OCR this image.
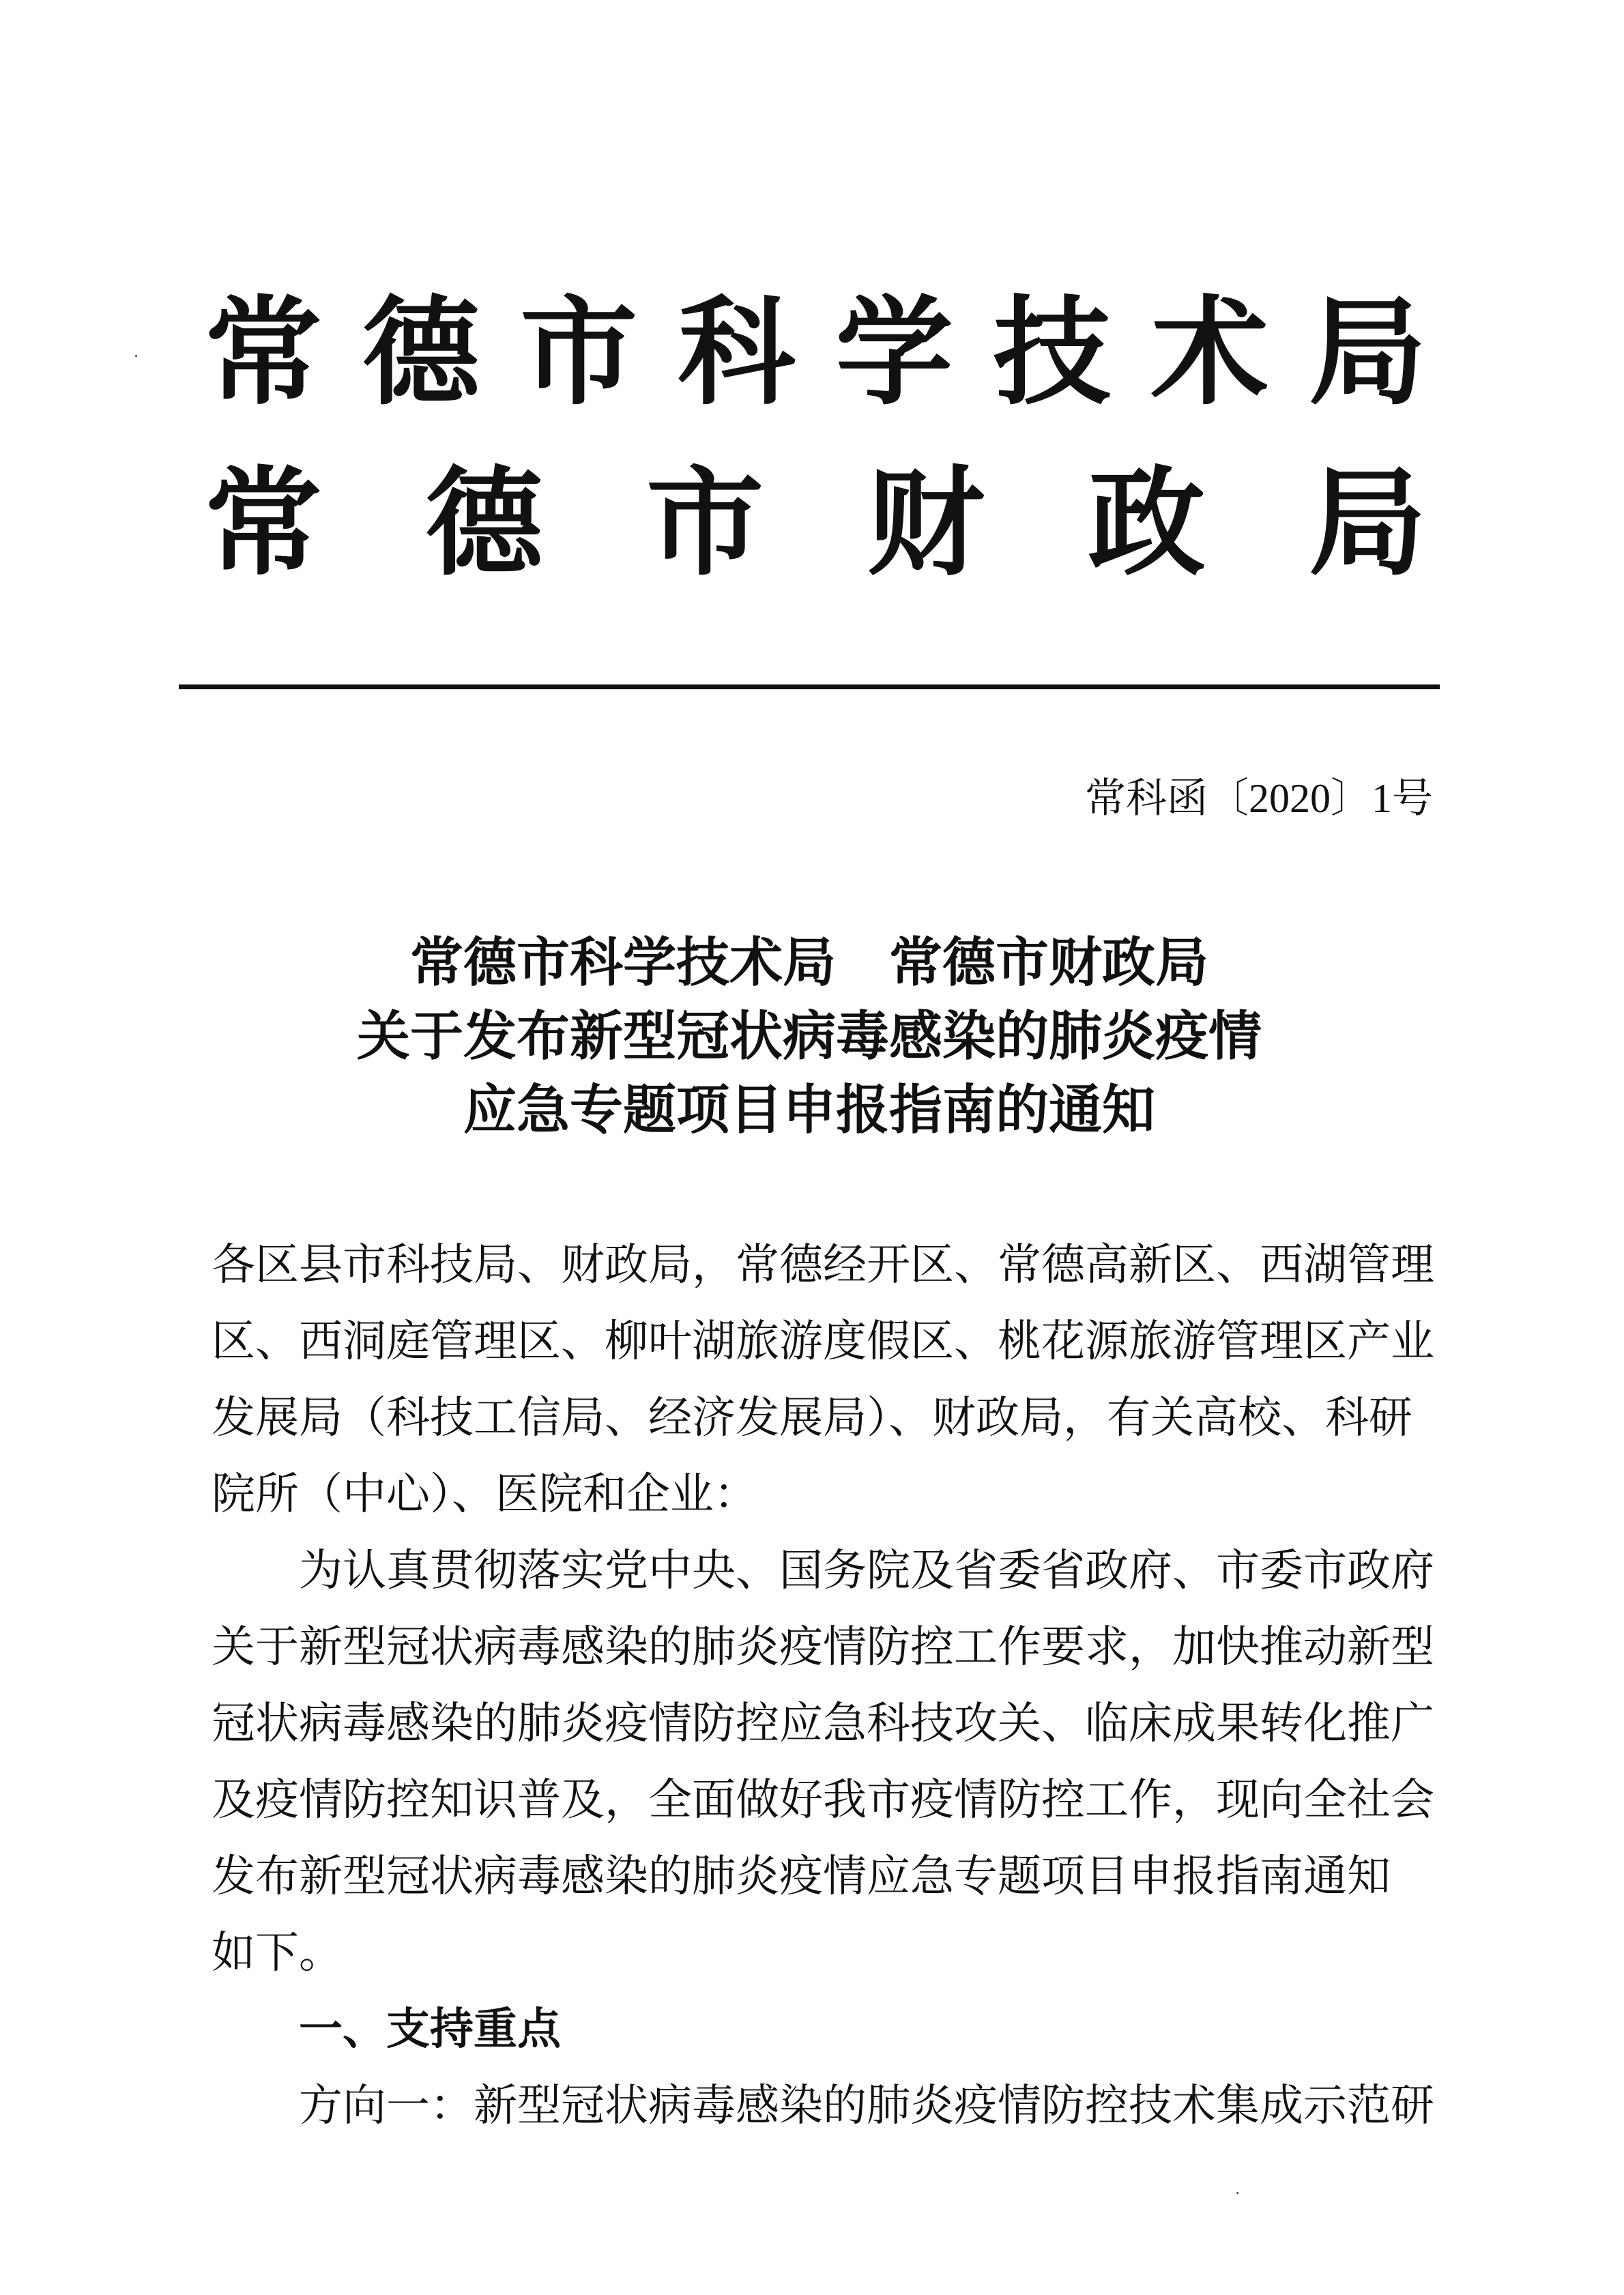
常 德 市 科 学 技 术 局
常 德 市 财 政 局
常科函〔2020〕1号
常德市科学技术局　常德市财政局
关于发布新型冠状病毒感染的肺炎疫情
应急专题项目申报指南的通知
各区县市科技局、财政局，常德经开区、常德高新区、西湖管理
区、西洞庭管理区、柳叶湖旅游度假区、桃花源旅游管理区产业
发展局（科技工信局、经济发展局）、财政局，有关高校、科研
院所（中心）、医院和企业：
为认真贯彻落实党中央、国务院及省委省政府、市委市政府
关于新型冠状病毒感染的肺炎疫情防控工作要求，加快推动新型
冠状病毒感染的肺炎疫情防控应急科技攻关、临床成果转化推广
及疫情防控知识普及，全面做好我市疫情防控工作，现向全社会
发布新型冠状病毒感染的肺炎疫情应急专题项目申报指南通知
如下。
一、支持重点
方向一：新型冠状病毒感染的肺炎疫情防控技术集成示范研
